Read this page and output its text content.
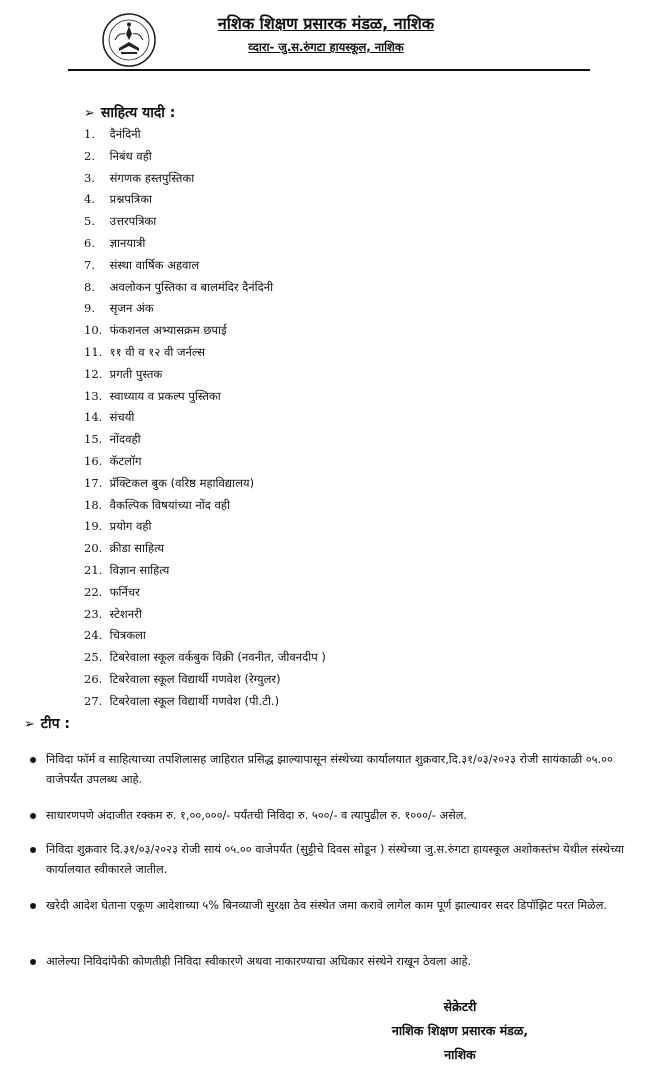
नशिक शिक्षण प्रसारक मंडळ, नाशिक
व्दारा- जु.स.रुंगटा हायस्कूल, नाशिक
➢ साहित्य यादी :
1. दैनंदिनी
2. निबंध वही
3. संगणक हस्तपुस्तिका
4. प्रश्नपत्रिका
5. उत्तरपत्रिका
6. ज्ञानयात्री
7. संस्था वार्षिक अहवाल
8. अवलोकन पुस्तिका व बालमंदिर दैनंदिनी
9. सृजन अंक
10. फंकशनल अभ्यासक्रम छपाई
11. ११ वी व १२ वी जर्नल्स
12. प्रगती पुस्तक
13. स्वाध्याय व प्रकल्प पुस्तिका
14. संचयी
15. नोंदवही
16. कॅटलॉग
17. प्रॅक्टिकल बुक (वरिष्ठ महाविद्यालय)
18. वैकल्पिक विषयांच्या नोंद वही
19. प्रयोग वही
20. क्रीडा साहित्य
21. विज्ञान साहित्य
22. फर्निचर
23. स्टेशनरी
24. चित्रकला
25. टिबरेवाला स्कूल वर्कबुक विक्री (नवनीत, जीवनदीप )
26. टिबरेवाला स्कूल विद्यार्थी गणवेश (रेग्युलर)
27. टिबरेवाला स्कूल विद्यार्थी गणवेश (पी.टी.)
➢ टीप :
निविदा फॉर्म व साहित्याच्या तपशिलासह जाहिरात प्रसिद्ध झाल्यापासून संस्थेच्या कार्यालयात शुक्रवार,दि.३१/०३/२०२३ रोजी सायंकाळी ०५.०० वाजेपर्यंत उपलब्ध आहे.
साधारणपणे अंदाजीत रक्कम रु. १,००,०००/- पर्यंतची निविदा रु. ५००/- व त्यापुढील रु. १०००/- असेल.
निविदा शुक्रवार दि.३१/०३/२०२३ रोजी सायं ०५.०० वाजेपर्यंत (सुट्टीचे दिवस सोडून ) संस्थेच्या जु.स.रुंगटा हायस्कूल अशोकस्तंभ येथील संस्थेच्या कार्यालयात स्वीकारले जातील.
खरेदी आदेश घेताना एकूण आदेशाच्या ५% बिनव्याजी सुरक्षा ठेव संस्थेत जमा करावे लागेल काम पूर्ण झाल्यावर सदर डिपॉझिट परत मिळेल.
आलेल्या निविदांपैकी कोणतीही निविदा स्वीकारणे अथवा नाकारण्याचा अधिकार संस्थेने राखून ठेवला आहे.
सेक्रेटरी
नाशिक शिक्षण प्रसारक मंडळ,
नाशिक
